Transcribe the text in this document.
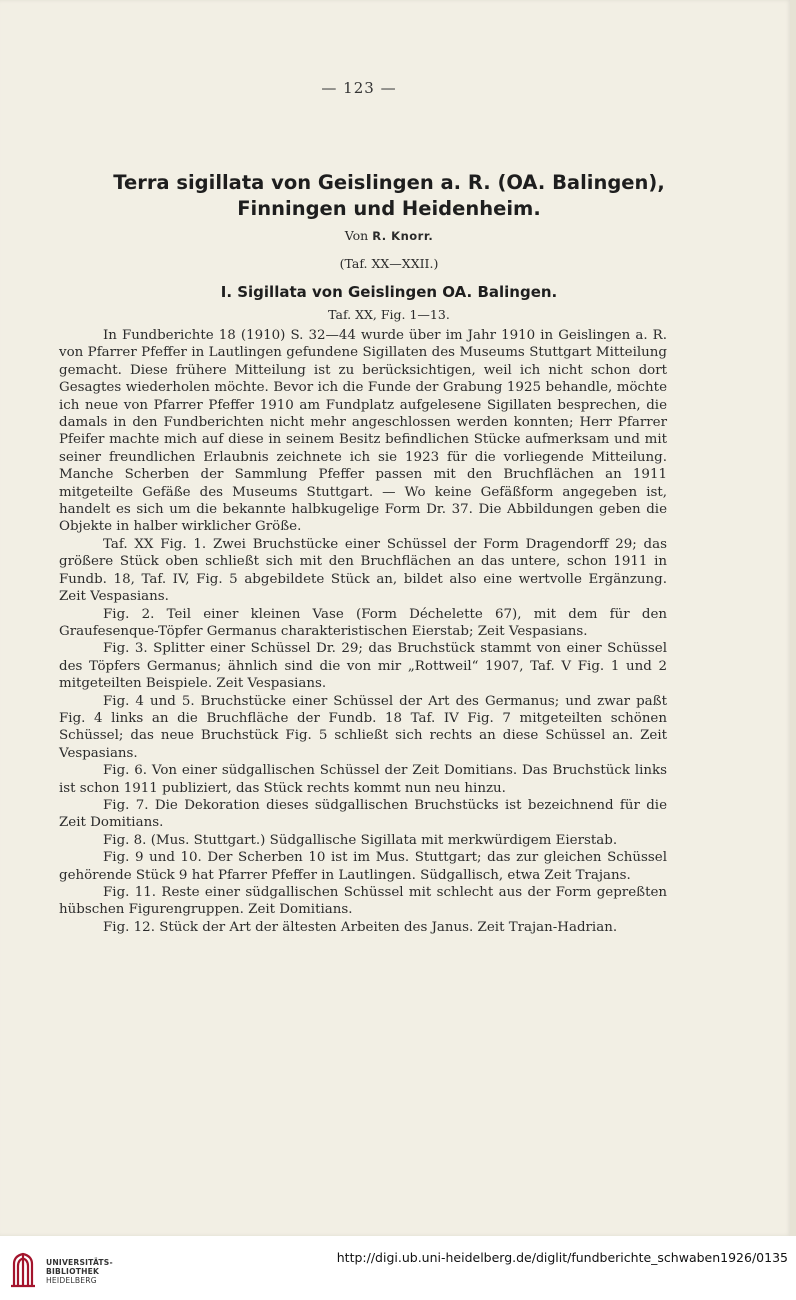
— 123 —
Terra sigillata von Geislingen a. R. (OA. Balingen), Finningen und Heidenheim.
Von R. Knorr.
(Taf. XX—XXII.)
I. Sigillata von Geislingen OA. Balingen.
Taf. XX, Fig. 1—13.

In Fundberichte 18 (1910) S. 32—44 wurde über im Jahr 1910 in Geislingen a. R. von Pfarrer Pfeffer in Lautlingen gefundene Sigillaten des Museums Stuttgart Mitteilung gemacht. Diese frühere Mitteilung ist zu berücksichtigen, weil ich nicht schon dort Gesagtes wiederholen möchte. Bevor ich die Funde der Grabung 1925 behandle, möchte ich neue von Pfarrer Pfeffer 1910 am Fundplatz aufgelesene Sigillaten besprechen, die damals in den Fundberichten nicht mehr angeschlossen werden konnten; Herr Pfarrer Pfeifer machte mich auf diese in seinem Besitz befindlichen Stücke aufmerksam und mit seiner freundlichen Erlaubnis zeichnete ich sie 1923 für die vorliegende Mitteilung. Manche Scherben der Sammlung Pfeffer passen mit den Bruchflächen an 1911 mitgeteilte Gefäße des Museums Stuttgart. — Wo keine Gefäßform angegeben ist, handelt es sich um die bekannte halbkugelige Form Dr. 37. Die Abbildungen geben die Objekte in halber wirklicher Größe.

Taf. XX Fig. 1. Zwei Bruchstücke einer Schüssel der Form Dragendorff 29; das größere Stück oben schließt sich mit den Bruchflächen an das untere, schon 1911 in Fundb. 18, Taf. IV, Fig. 5 abgebildete Stück an, bildet also eine wertvolle Ergänzung. Zeit Vespasians.

Fig. 2. Teil einer kleinen Vase (Form Déchelette 67), mit dem für den Graufesenque-Töpfer Germanus charakteristischen Eierstab; Zeit Vespasians.

Fig. 3. Splitter einer Schüssel Dr. 29; das Bruchstück stammt von einer Schüssel des Töpfers Germanus; ähnlich sind die von mir „Rottweil“ 1907, Taf. V Fig. 1 und 2 mitgeteilten Beispiele. Zeit Vespasians.

Fig. 4 und 5. Bruchstücke einer Schüssel der Art des Germanus; und zwar paßt Fig. 4 links an die Bruchfläche der Fundb. 18 Taf. IV Fig. 7 mitgeteilten schönen Schüssel; das neue Bruchstück Fig. 5 schließt sich rechts an diese Schüssel an. Zeit Vespasians.

Fig. 6. Von einer südgallischen Schüssel der Zeit Domitians. Das Bruchstück links ist schon 1911 publiziert, das Stück rechts kommt nun neu hinzu.

Fig. 7. Die Dekoration dieses südgallischen Bruchstücks ist bezeichnend für die Zeit Domitians.

Fig. 8. (Mus. Stuttgart.) Südgallische Sigillata mit merkwürdigem Eierstab.

Fig. 9 und 10. Der Scherben 10 ist im Mus. Stuttgart; das zur gleichen Schüssel gehörende Stück 9 hat Pfarrer Pfeffer in Lautlingen. Südgallisch, etwa Zeit Trajans.

Fig. 11. Reste einer südgallischen Schüssel mit schlecht aus der Form gepreßten hübschen Figurengruppen. Zeit Domitians.

Fig. 12. Stück der Art der ältesten Arbeiten des Janus. Zeit Trajan-Hadrian.

UNIVERSITÄTS-
BIBLIOTHEK
HEIDELBERG
http://digi.ub.uni-heidelberg.de/diglit/fundberichte_schwaben1926/0135
